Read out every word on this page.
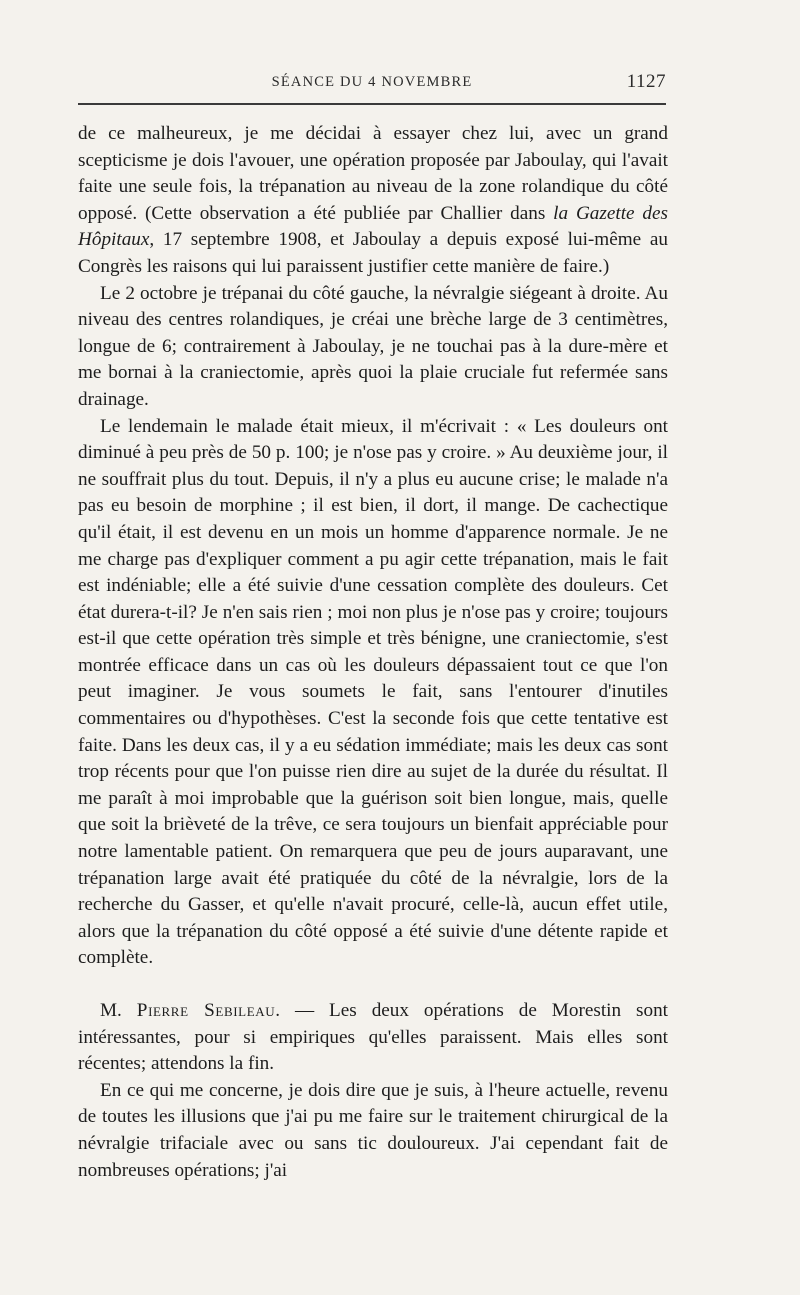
SÉANCE DU 4 NOVEMBRE	1127

de ce malheureux, je me décidai à essayer chez lui, avec un grand scepticisme je dois l'avouer, une opération proposée par Jaboulay, qui l'avait faite une seule fois, la trépanation au niveau de la zone rolandique du côté opposé. (Cette observation a été publiée par Challier dans la Gazette des Hôpitaux, 17 septembre 1908, et Jaboulay a depuis exposé lui-même au Congrès les raisons qui lui paraissent justifier cette manière de faire.)

Le 2 octobre je trépanai du côté gauche, la névralgie siégeant à droite. Au niveau des centres rolandiques, je créai une brèche large de 3 centimètres, longue de 6; contrairement à Jaboulay, je ne touchai pas à la dure-mère et me bornai à la craniectomie, après quoi la plaie cruciale fut refermée sans drainage.

Le lendemain le malade était mieux, il m'écrivait : « Les douleurs ont diminué à peu près de 50 p. 100; je n'ose pas y croire. » Au deuxième jour, il ne souffrait plus du tout. Depuis, il n'y a plus eu aucune crise; le malade n'a pas eu besoin de morphine ; il est bien, il dort, il mange. De cachectique qu'il était, il est devenu en un mois un homme d'apparence normale. Je ne me charge pas d'expliquer comment a pu agir cette trépanation, mais le fait est indéniable; elle a été suivie d'une cessation complète des douleurs. Cet état durera-t-il? Je n'en sais rien ; moi non plus je n'ose pas y croire; toujours est-il que cette opération très simple et très bénigne, une craniectomie, s'est montrée efficace dans un cas où les douleurs dépassaient tout ce que l'on peut imaginer. Je vous soumets le fait, sans l'entourer d'inutiles commentaires ou d'hypothèses. C'est la seconde fois que cette tentative est faite. Dans les deux cas, il y a eu sédation immédiate; mais les deux cas sont trop récents pour que l'on puisse rien dire au sujet de la durée du résultat. Il me paraît à moi improbable que la guérison soit bien longue, mais, quelle que soit la brièveté de la trêve, ce sera toujours un bienfait appréciable pour notre lamentable patient. On remarquera que peu de jours auparavant, une trépanation large avait été pratiquée du côté de la névralgie, lors de la recherche du Gasser, et qu'elle n'avait procuré, celle-là, aucun effet utile, alors que la trépanation du côté opposé a été suivie d'une détente rapide et complète.

M. Pierre Sebileau. — Les deux opérations de Morestin sont intéressantes, pour si empiriques qu'elles paraissent. Mais elles sont récentes; attendons la fin.

En ce qui me concerne, je dois dire que je suis, à l'heure actuelle, revenu de toutes les illusions que j'ai pu me faire sur le traitement chirurgical de la névralgie trifaciale avec ou sans tic douloureux. J'ai cependant fait de nombreuses opérations; j'ai
